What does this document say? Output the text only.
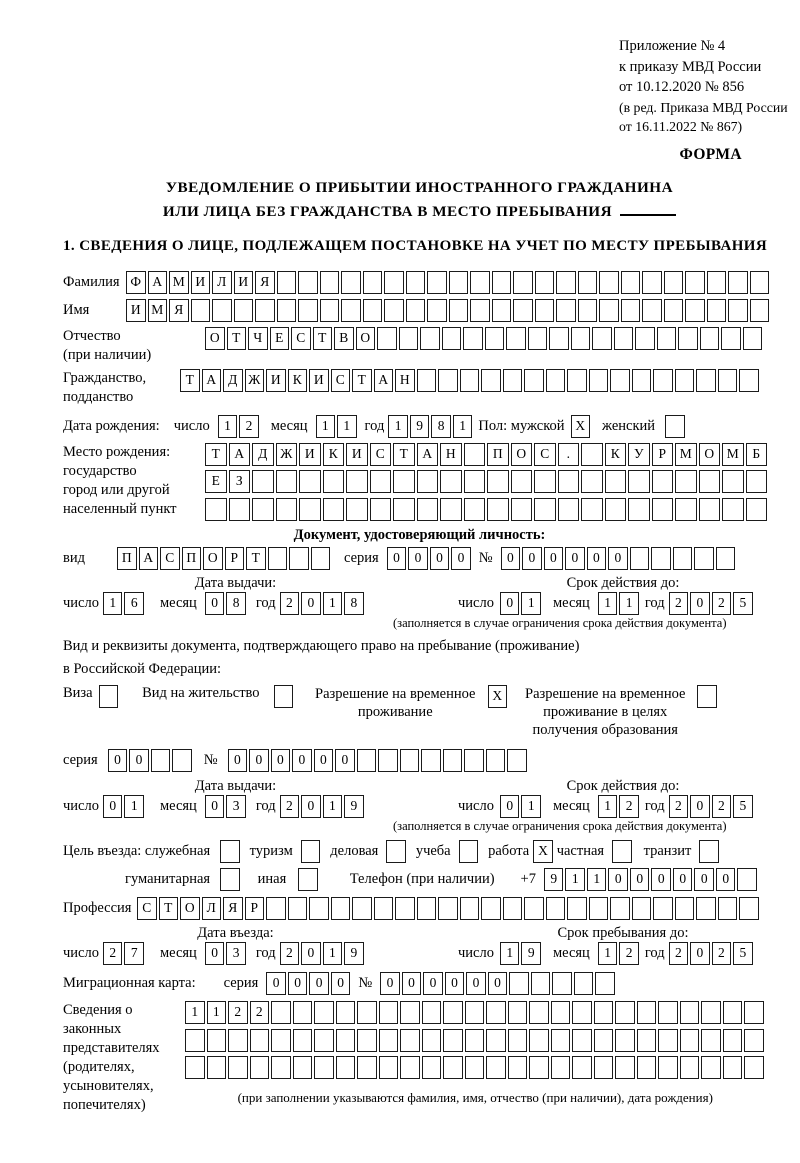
Приложение № 4
к приказу МВД России
от 10.12.2020 № 856
(в ред. Приказа МВД России
от 16.11.2022 № 867)
ФОРМА
УВЕДОМЛЕНИЕ О ПРИБЫТИИ ИНОСТРАННОГО ГРАЖДАНИНА
ИЛИ ЛИЦА БЕЗ ГРАЖДАНСТВА В МЕСТО ПРЕБЫВАНИЯ
1. СВЕДЕНИЯ О ЛИЦЕ, ПОДЛЕЖАЩЕМ ПОСТАНОВКЕ НА УЧЕТ ПО МЕСТУ ПРЕБЫВАНИЯ
Фамилия Ф А М И Л И Я
Имя	И М Я
Отчество
(при наличии)
О Т Ч Е С Т В О
Гражданство,
подданство
Т А Д Ж И К И С Т А Н
Дата рождения: число	1	2	месяц	1	1 год 1	9	8	1 Пол: мужской X	женский
Место рождения:
государство
город или другой
населенный пункт
Т	А	Д Ж И	К	И	С	Т	А	Н	П	О	С	.	К	У	Р	М О М	Б
Е	З
Документ, удостоверяющий личность:
вид	П А С П О Р	Т	серия	0	0	0	0 №	0	0	0	0	0	0
Дата выдачи:	Срок действия до:
число 1	6	месяц	0	8	год 2	0	1	8	число 0	1	месяц	1	1 год 2	0	2	5
(заполняется в случае ограничения срока действия документа)
Вид и реквизиты документа, подтверждающего право на пребывание (проживание)
в Российской Федерации:
Виза	Вид на жительство	Разрешение на временное
проживание
X	Разрешение на временное
проживание в целях
получения образования
серия	0	0	№	0	0	0	0	0	0
Дата выдачи:	Срок действия до:
число 0	1	месяц	0	3	год 2	0	1	9	число 0	1	месяц	1	2 год 2	0	2	5
(заполняется в случае ограничения срока действия документа)
Цель въезда: служебная	туризм	деловая	учеба	работа X частная	транзит
гуманитарная	иная	Телефон (при наличии) +7	9	1	1	0	0	0	0	0	0
Профессия С Т О Л Я Р
Дата въезда:	Срок пребывания до:
число 2	7	месяц	0	3	год 2	0	1	9	число 1	9	месяц	1	2 год 2	0	2	5
Миграционная карта: серия	0	0	0	0 №	0	0	0	0	0	0
Сведения о
законных
представителях
(родителях,
усыновителях,
попечителях)
1	1	2	2
(при заполнении указываются фамилия, имя, отчество (при наличии), дата рождения)
